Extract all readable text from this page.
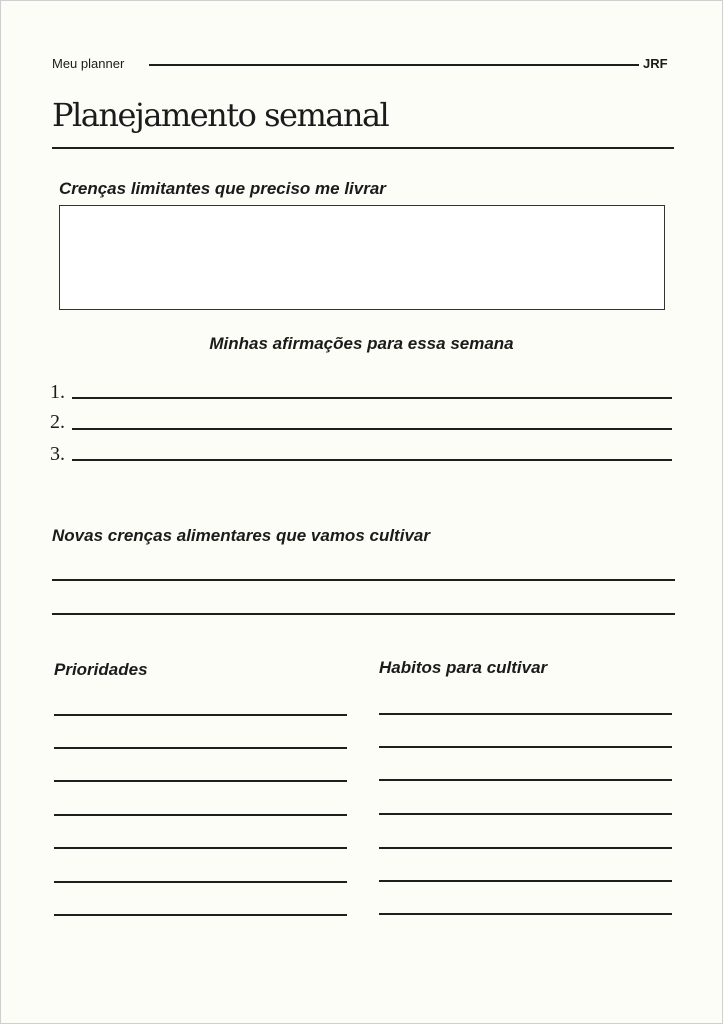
Meu planner	JRF
Planejamento semanal
Crenças limitantes que preciso me livrar
Minhas afirmações para essa semana
1.
2.
3.
Novas crenças alimentares que vamos cultivar
Prioridades	Habitos para cultivar
